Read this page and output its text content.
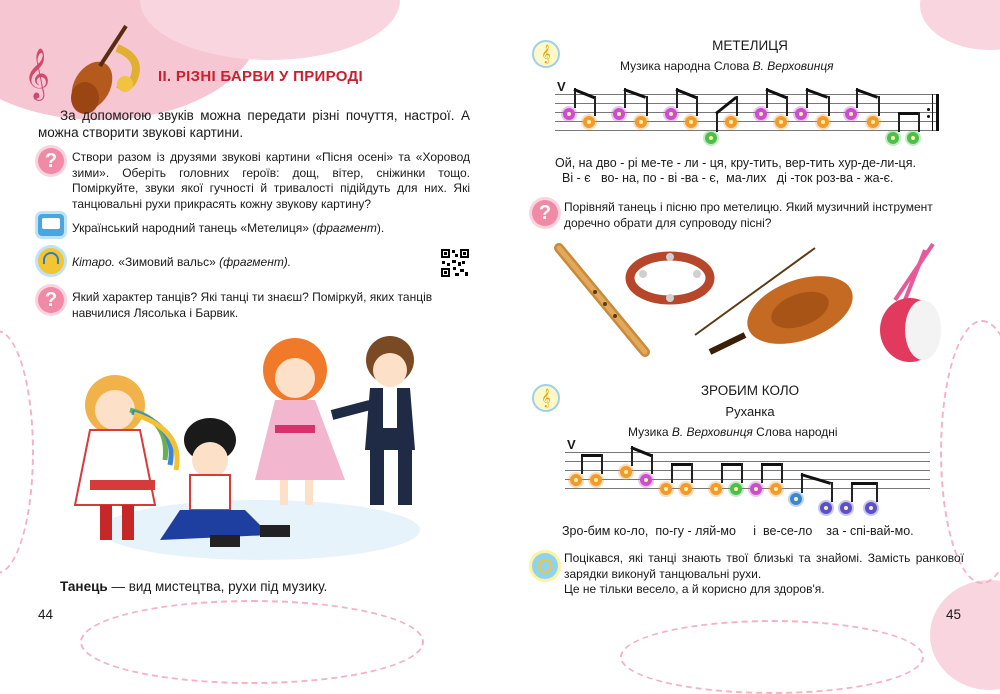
𝄞	ІІ. РІЗНІ БАРВИ У ПРИРОДІ
За допомогою звуків можна передати різні почуття, настрої. А можна створити звукові картини.
?	Створи разом із друзями звукові картини «Пісня осені» та «Хоровод зими». Оберіть головних героїв: дощ, вітер, сніжинки тощо. Поміркуйте, звуки якої гучності й тривалості підійдуть для них. Які танцювальні рухи прикрасять кожну звукову картину?
Український народний танець «Метелиця» (фрагмент).
Кітаро. «Зимовий вальс» (фрагмент).
?	Який характер танців? Які танці ти знаєш? Поміркуй, яких танців навчилися Лясолька і Барвик.
Танець — вид мистецтва, рухи під музику.
44
𝄞	МЕТЕЛИЦЯ
Музика народна Слова В. Верховинця
V
Ой, на дво - рі ме-те - ли - ця, кру-тить, вер-тить хур-де-ли-ця.
Ві - є   во- на, по - ві -ва - є,  ма-лих   ді -ток роз-ва - жа-є.
?	Порівняй танець і пісню про метелицю. Який музичний інструмент доречно обрати для супроводу пісні?
𝄞	ЗРОБИМ КОЛО
Руханка
Музика В. Верховинця Слова народні
V
Зро-бим ко-ло,  по-гу - ляй-мо     і  ве-се-ло    за - спі-вай-мо.
Поцікався, які танці знають твої близькі та знайомі. Замість ранкової зарядки виконуй танцювальні рухи.
Це не тільки весело, а й корисно для здоров'я.
45
